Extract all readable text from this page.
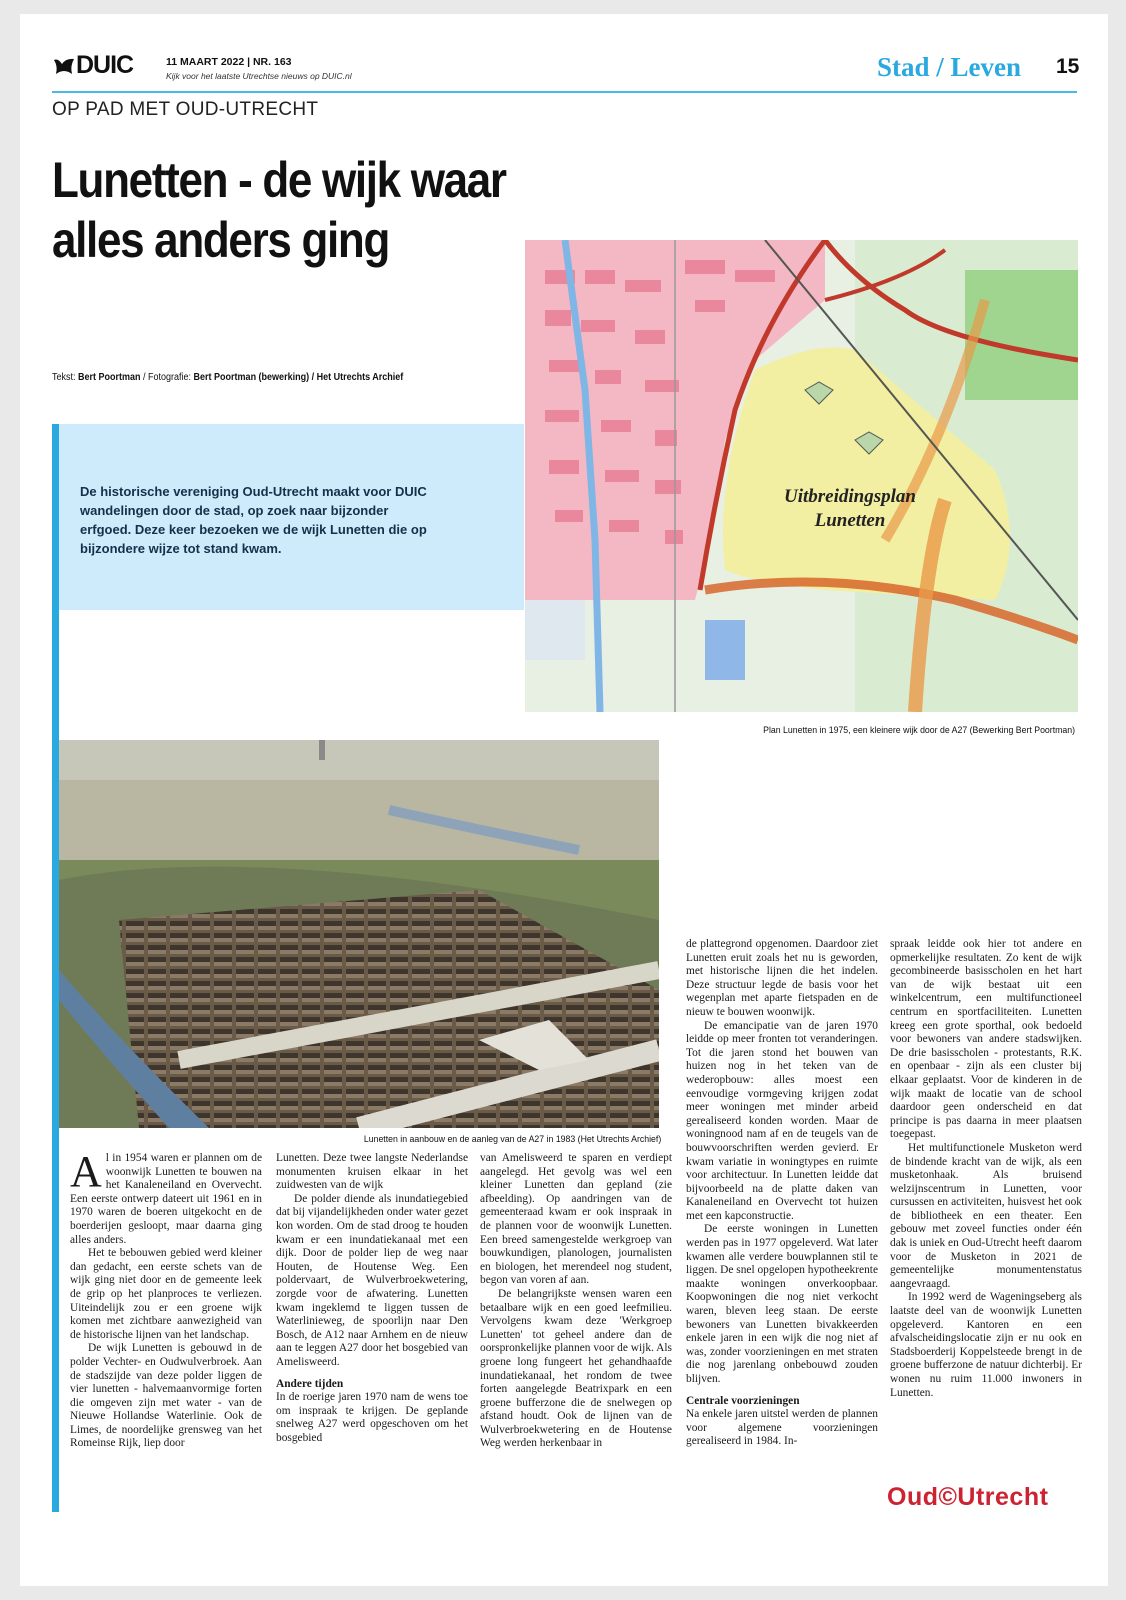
DUIC	11 MAART 2022 | NR. 163
Kijk voor het laatste Utrechtse nieuws op DUIC.nl	Stad / Leven 15
OP PAD MET OUD-UTRECHT
Lunetten - de wijk waar alles anders ging
Tekst: Bert Poortman / Fotografie: Bert Poortman (bewerking) / Het Utrechts Archief
De historische vereniging Oud-Utrecht maakt voor DUIC wandelingen door de stad, op zoek naar bijzonder erfgoed. Deze keer bezoeken we de wijk Lunetten die op bijzondere wijze tot stand kwam.
Uitbreidingsplan
Lunetten
Plan Lunetten in 1975, een kleinere wijk door de A27 (Bewerking Bert Poortman)
Lunetten in aanbouw en de aanleg van de A27 in 1983 (Het Utrechts Archief)

Al in 1954 waren er plannen om de woonwijk Lunetten te bouwen na het Kanaleneiland en Overvecht. Een eerste ontwerp dateert uit 1961 en in 1970 waren de boeren uitgekocht en de boerderijen gesloopt, maar daarna ging alles anders.

Het te bebouwen gebied werd kleiner dan gedacht, een eerste schets van de wijk ging niet door en de gemeente leek de grip op het planproces te verliezen. Uiteindelijk zou er een groene wijk komen met zichtbare aanwezigheid van de historische lijnen van het landschap.

De wijk Lunetten is gebouwd in de polder Vechter- en Oudwulverbroek. Aan de stadszijde van deze polder liggen de vier lunetten - halvemaanvormige forten die omgeven zijn met water - van de Nieuwe Hollandse Waterlinie. Ook de Limes, de noordelijke grensweg van het Romeinse Rijk, liep door

Lunetten. Deze twee langste Nederlandse monumenten kruisen elkaar in het zuidwesten van de wijk

De polder diende als inundatiegebied dat bij vijandelijkheden onder water gezet kon worden. Om de stad droog te houden kwam er een inundatiekanaal met een dijk. Door de polder liep de weg naar Houten, de Houtense Weg. Een poldervaart, de Wulverbroekwetering, zorgde voor de afwatering. Lunetten kwam ingeklemd te liggen tussen de Waterlinieweg, de spoorlijn naar Den Bosch, de A12 naar Arnhem en de nieuw aan te leggen A27 door het bosgebied van Amelisweerd.

Andere tijden

In de roerige jaren 1970 nam de wens toe om inspraak te krijgen. De geplande snelweg A27 werd opgeschoven om het bosgebied

van Amelisweerd te sparen en verdiept aangelegd. Het gevolg was wel een kleiner Lunetten dan gepland (zie afbeelding). Op aandringen van de gemeenteraad kwam er ook inspraak in de plannen voor de woonwijk Lunetten. Een breed samengestelde werkgroep van bouwkundigen, planologen, journalisten en biologen, het merendeel nog student, begon van voren af aan.

De belangrijkste wensen waren een betaalbare wijk en een goed leefmilieu. Vervolgens kwam deze 'Werkgroep Lunetten' tot geheel andere dan de oorspronkelijke plannen voor de wijk. Als groene long fungeert het gehandhaafde inundatiekanaal, het rondom de twee forten aangelegde Beatrixpark en een groene bufferzone die de snelwegen op afstand houdt. Ook de lijnen van de Wulverbroekwetering en de Houtense Weg werden herkenbaar in

de plattegrond opgenomen. Daardoor ziet Lunetten eruit zoals het nu is geworden, met historische lijnen die het indelen. Deze structuur legde de basis voor het wegenplan met aparte fietspaden en de nieuw te bouwen woonwijk.

De emancipatie van de jaren 1970 leidde op meer fronten tot veranderingen. Tot die jaren stond het bouwen van huizen nog in het teken van de wederopbouw: alles moest een eenvoudige vormgeving krijgen zodat meer woningen met minder arbeid gerealiseerd konden worden. Maar de woningnood nam af en de teugels van de bouwvoorschriften werden gevierd. Er kwam variatie in woningtypes en ruimte voor architectuur. In Lunetten leidde dat bijvoorbeeld na de platte daken van Kanaleneiland en Overvecht tot huizen met een kapconstructie.

De eerste woningen in Lunetten werden pas in 1977 opgeleverd. Wat later kwamen alle verdere bouwplannen stil te liggen. De snel opgelopen hypotheekrente maakte woningen onverkoopbaar. Koopwoningen die nog niet verkocht waren, bleven leeg staan. De eerste bewoners van Lunetten bivakkeerden enkele jaren in een wijk die nog niet af was, zonder voorzieningen en met straten die nog jarenlang onbebouwd zouden blijven.

Centrale voorzieningen

Na enkele jaren uitstel werden de plannen voor algemene voorzieningen gerealiseerd in 1984. In-

spraak leidde ook hier tot andere en opmerkelijke resultaten. Zo kent de wijk gecombineerde basisscholen en het hart van de wijk bestaat uit een winkelcentrum, een multifunctioneel centrum en sportfaciliteiten. Lunetten kreeg een grote sporthal, ook bedoeld voor bewoners van andere stadswijken. De drie basisscholen - protestants, R.K. en openbaar - zijn als een cluster bij elkaar geplaatst. Voor de kinderen in de wijk maakt de locatie van de school daardoor geen onderscheid en dat principe is pas daarna in meer plaatsen toegepast.

Het multifunctionele Musketon werd de bindende kracht van de wijk, als een musketonhaak. Als bruisend welzijnscentrum in Lunetten, voor cursussen en activiteiten, huisvest het ook de bibliotheek en een theater. Een gebouw met zoveel functies onder één dak is uniek en Oud-Utrecht heeft daarom voor de Musketon in 2021 de gemeentelijke monumentenstatus aangevraagd.

In 1992 werd de Wageningseberg als laatste deel van de woonwijk Lunetten opgeleverd. Kantoren en een afvalscheidingslocatie zijn er nu ook en Stadsboerderij Koppelsteede brengt in de groene bufferzone de natuur dichterbij. Er wonen nu ruim 11.000 inwoners in Lunetten.

Oud©Utrecht
